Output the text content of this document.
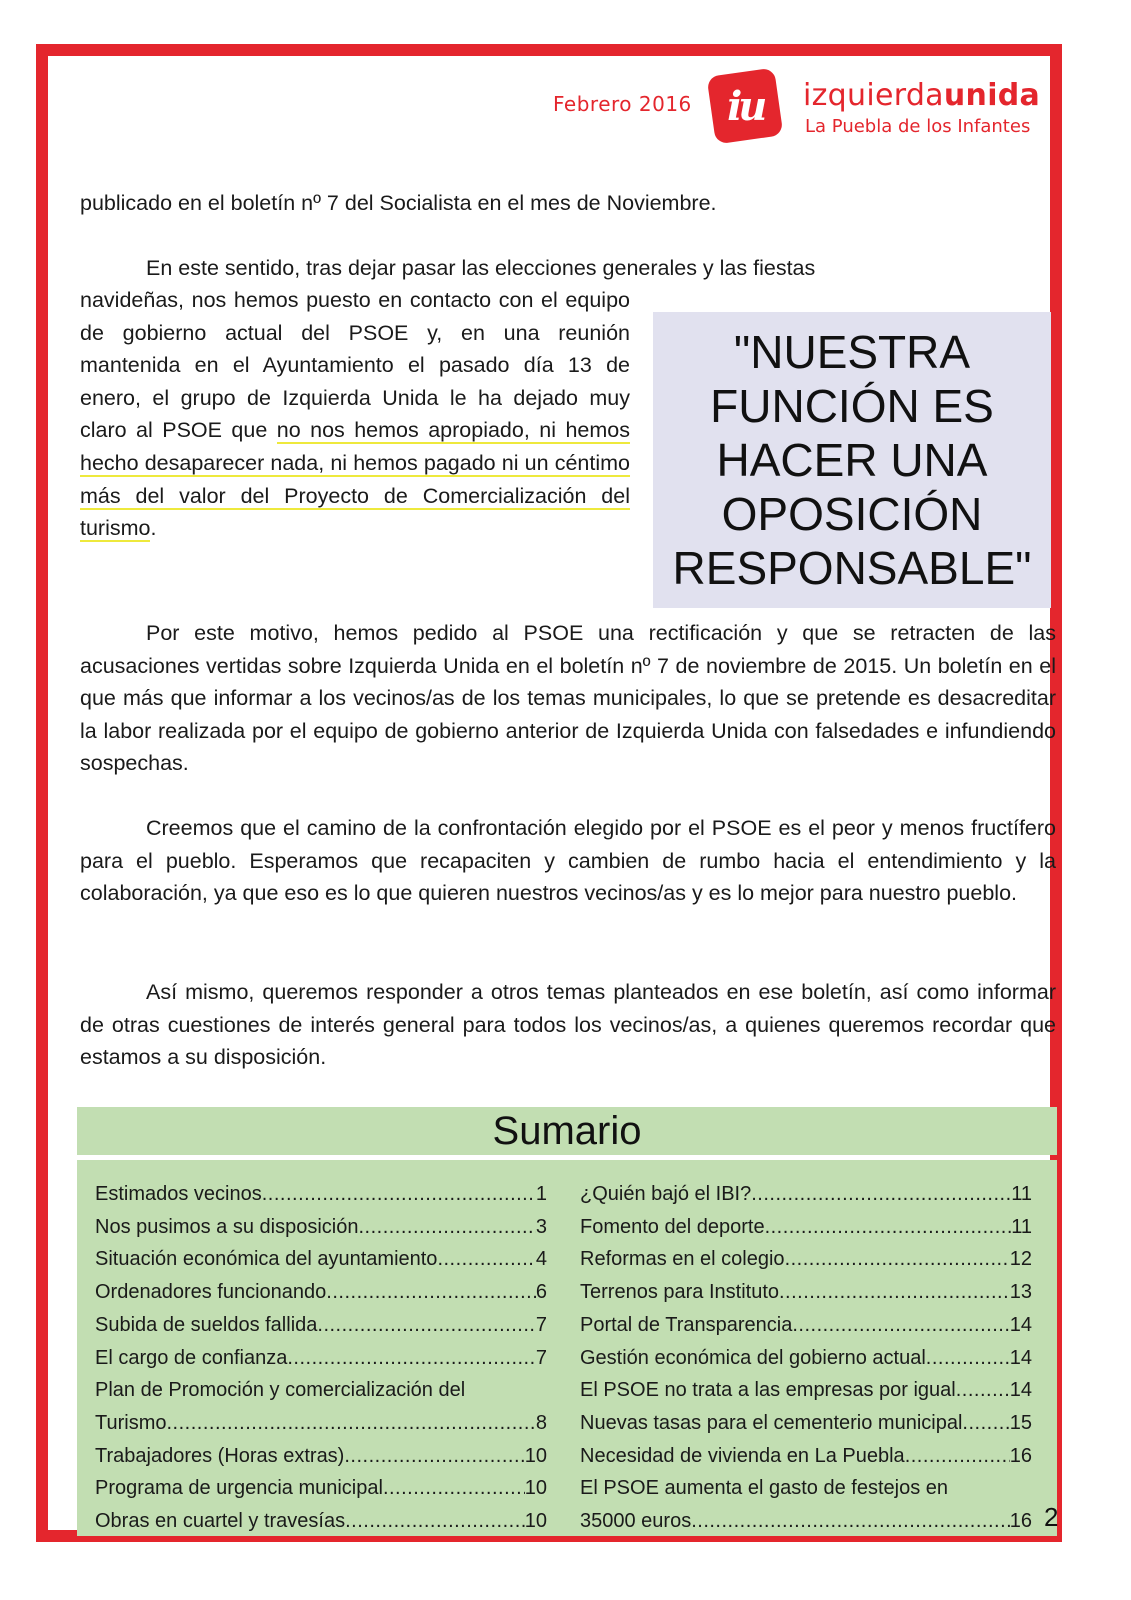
Febrero 2016 iu izquierdaunida
La Puebla de los Infantes

publicado en el boletín nº 7 del Socialista en el mes de Noviembre.

En este sentido, tras dejar pasar las elecciones generales y las fiestas

navideñas, nos hemos puesto en contacto con el equipo de gobierno actual del PSOE y, en una reunión mantenida en el Ayuntamiento el pasado día 13 de enero, el grupo de Izquierda Unida le ha dejado muy claro al PSOE que no nos hemos apropiado, ni hemos hecho desaparecer nada, ni hemos pagado ni un céntimo más del valor del Proyecto de Comercialización del turismo.

"NUESTRA
FUNCIÓN ES
HACER UNA
OPOSICIÓN
RESPONSABLE"

Por este motivo, hemos pedido al PSOE una rectificación y que se retracten de las acusaciones vertidas sobre Izquierda Unida en el boletín nº 7 de noviembre de 2015. Un boletín en el que más que informar a los vecinos/as de los temas municipales, lo que se pretende es desacreditar la labor realizada por el equipo de gobierno anterior de Izquierda Unida con falsedades e infundiendo sospechas.

Creemos que el camino de la confrontación elegido por el PSOE es el peor y menos fructífero para el pueblo. Esperamos que recapaciten y cambien de rumbo hacia el entendimiento y la colaboración, ya que eso es lo que quieren nuestros vecinos/as y es lo mejor para nuestro pueblo.

Así mismo, queremos responder a otros temas planteados en ese boletín, así como informar de otras cuestiones de interés general para todos los vecinos/as, a quienes queremos recordar que estamos a su disposición.

Sumario
Estimados vecinos .....	1
Nos pusimos a su disposición .....	3
Situación económica del ayuntamiento .....	4
Ordenadores funcionando .....	6
Subida de sueldos fallida .....	7
El cargo de confianza .....	7
Plan de Promoción y comercialización del
Turismo .....	8
Trabajadores (Horas extras) .....	10
Programa de urgencia municipal .....	10
Obras en cuartel y travesías .....	10
¿Quién bajó el IBI? .....	11
Fomento del deporte .....	11
Reformas en el colegio .....	12
Terrenos para Instituto .....	13
Portal de Transparencia .....	14
Gestión económica del gobierno actual .....	14
El PSOE no trata a las empresas por igual .....	14
Nuevas tasas para el cementerio municipal ..... 15
Necesidad de vivienda en La Puebla .....	16
El PSOE aumenta el gasto de festejos en
35000 euros .....	16 2
